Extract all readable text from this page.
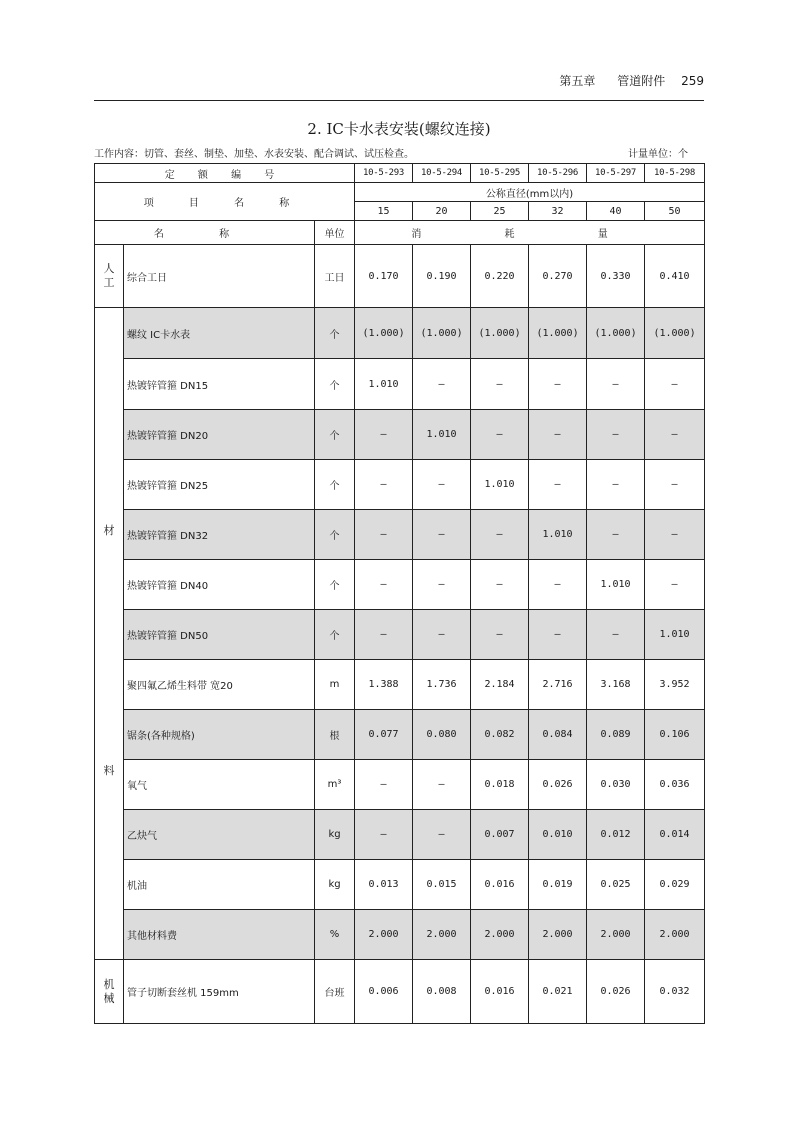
第五章 管道附件 259
2. IC卡水表安装(螺纹连接)
工作内容：切管、套丝、制垫、加垫、水表安装、配合调试、试压检查。	计量单位：个
定 额 编 号			10-5-293	10-5-294	10-5-295	10-5-296	10-5-297	10-5-298
项 目 名 称			公称直径(mm以内)					
			15	20	25	32	40	50
名 称		单位	消 耗 量					

人
工	综合工日	工日	0.170	0.190	0.220	0.270	0.330	0.410

材
料	螺纹 IC卡水表	个	(1.000)	(1.000)	(1.000)	(1.000)	(1.000)	(1.000)
	热镀锌管箍 DN15	个	1.010	—	—	—	—	—
	热镀锌管箍 DN20	个	—	1.010	—	—	—	—
	热镀锌管箍 DN25	个	—	—	1.010	—	—	—
	热镀锌管箍 DN32	个	—	—	—	1.010	—	—
	热镀锌管箍 DN40	个	—	—	—	—	1.010	—
	热镀锌管箍 DN50	个	—	—	—	—	—	1.010
	聚四氟乙烯生料带 宽20	m	1.388	1.736	2.184	2.716	3.168	3.952
	锯条(各种规格)	根	0.077	0.080	0.082	0.084	0.089	0.106
	氧气	m³	—	—	0.018	0.026	0.030	0.036
	乙炔气	kg	—	—	0.007	0.010	0.012	0.014
	机油	kg	0.013	0.015	0.016	0.019	0.025	0.029
	其他材料费	%	2.000	2.000	2.000	2.000	2.000	2.000

机
械	管子切断套丝机 159mm	台班	0.006	0.008	0.016	0.021	0.026	0.032
